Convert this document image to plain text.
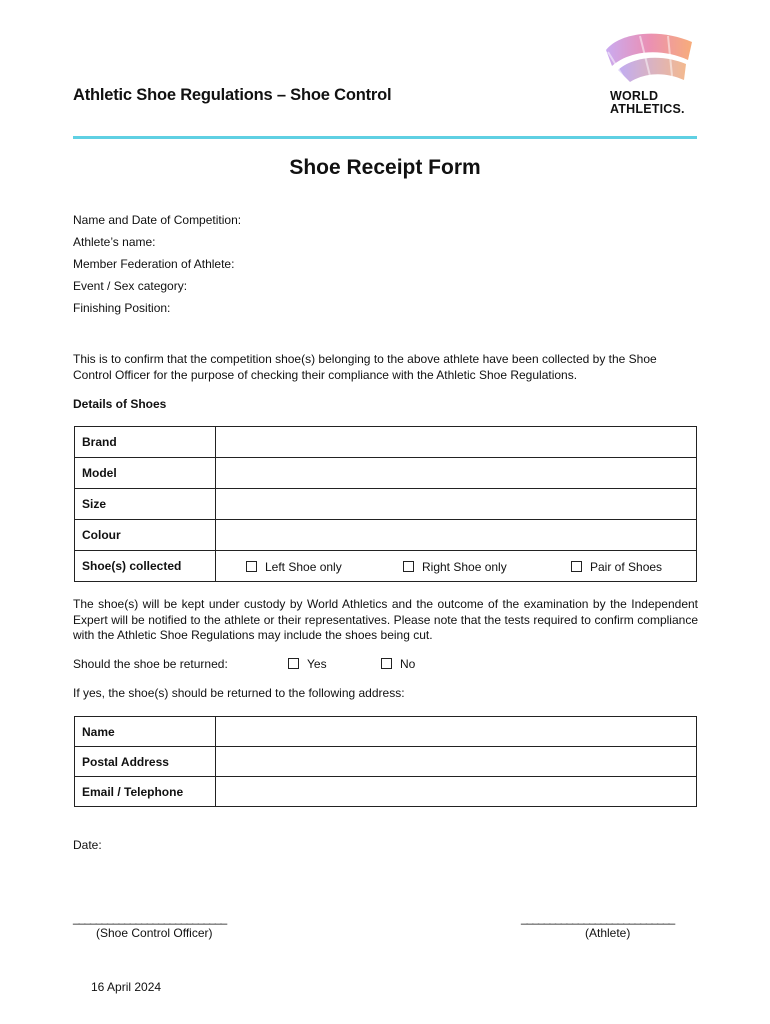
Athletic Shoe Regulations – Shoe Control	WORLD
ATHLETICS.
Shoe Receipt Form
Name and Date of Competition:
Athlete’s name:
Member Federation of Athlete:
Event / Sex category:
Finishing Position:
This is to confirm that the competition shoe(s) belonging to the above athlete have been collected by the Shoe Control Officer for the purpose of checking their compliance with the Athletic Shoe Regulations.
Details of Shoes
Brand	
Model	
Size	
Colour	
Shoe(s) collected	Left Shoe only Right Shoe only Pair of Shoes
The shoe(s) will be kept under custody by World Athletics and the outcome of the examination by the Independent Expert will be notified to the athlete or their representatives. Please note that the tests required to confirm compliance with the Athletic Shoe Regulations may include the shoes being cut.
Should the shoe be returned:	Yes	No
If yes, the shoe(s) should be returned to the following address:
Name	
Postal Address	
Email / Telephone	
Date:
___________________________
(Shoe Control Officer)
___________________________
(Athlete)
16 April 2024
